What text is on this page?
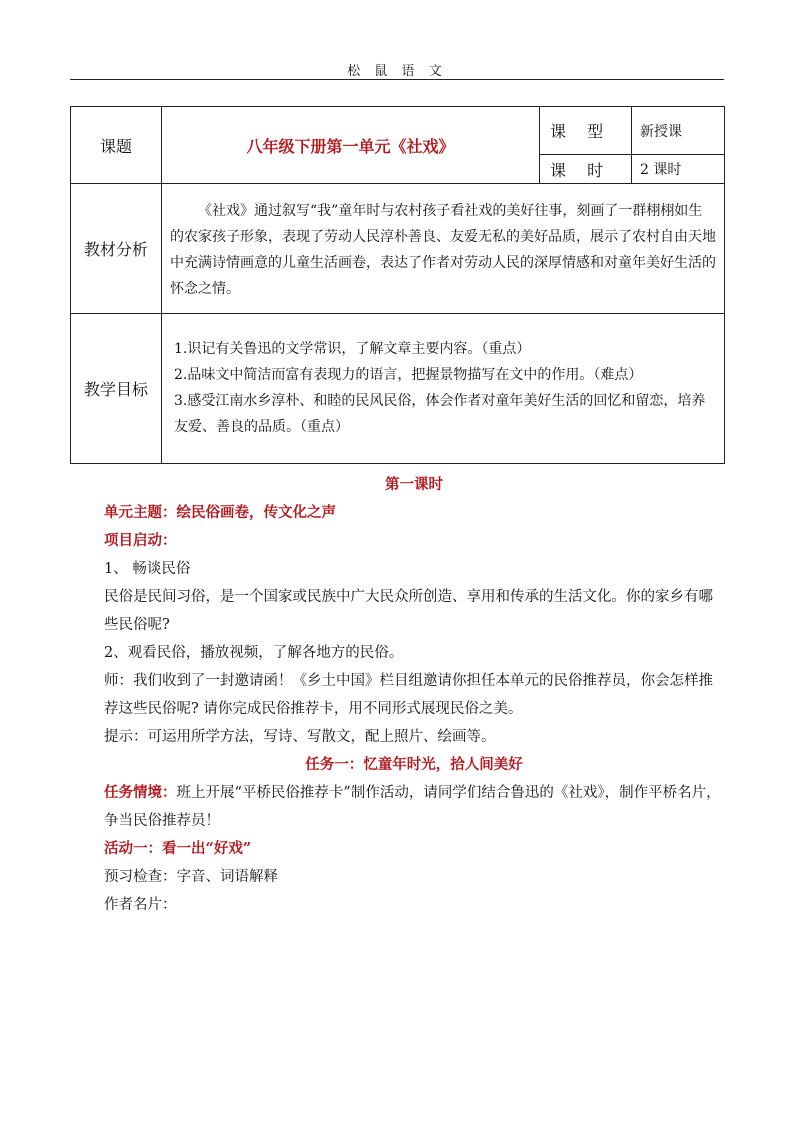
松 鼠 语 文
课题	八年级下册第一单元《社戏》	课 型	新授课
		课 时	2 课时
教材分析	《社戏》通过叙写“我”童年时与农村孩子看社戏的美好往事，刻画了一群栩栩如生的农家孩子形象，表现了劳动人民淳朴善良、友爱无私的美好品质，展示了农村自由天地中充满诗情画意的儿童生活画卷，表达了作者对劳动人民的深厚情感和对童年美好生活的怀念之情。		
教学目标	1.识记有关鲁迅的文学常识，了解文章主要内容。（重点）
2.品味文中简洁而富有表现力的语言，把握景物描写在文中的作用。（难点）
3.感受江南水乡淳朴、和睦的民风民俗，体会作者对童年美好生活的回忆和留恋，培养友爱、善良的品质。（重点）		
第一课时
单元主题：绘民俗画卷，传文化之声
项目启动：
1、 畅谈民俗
民俗是民间习俗，是一个国家或民族中广大民众所创造、享用和传承的生活文化。你的家乡有哪些民俗呢?
2、观看民俗，播放视频，了解各地方的民俗。
师：我们收到了一封邀请函！《乡土中国》栏目组邀请你担任本单元的民俗推荐员，你会怎样推荐这些民俗呢? 请你完成民俗推荐卡，用不同形式展现民俗之美。
提示：可运用所学方法，写诗、写散文，配上照片、绘画等。
任务一：忆童年时光，拾人间美好
任务情境：班上开展“平桥民俗推荐卡”制作活动，请同学们结合鲁迅的《社戏》，制作平桥名片，争当民俗推荐员！
活动一：看一出“好戏”
预习检查：字音、词语解释
作者名片：
